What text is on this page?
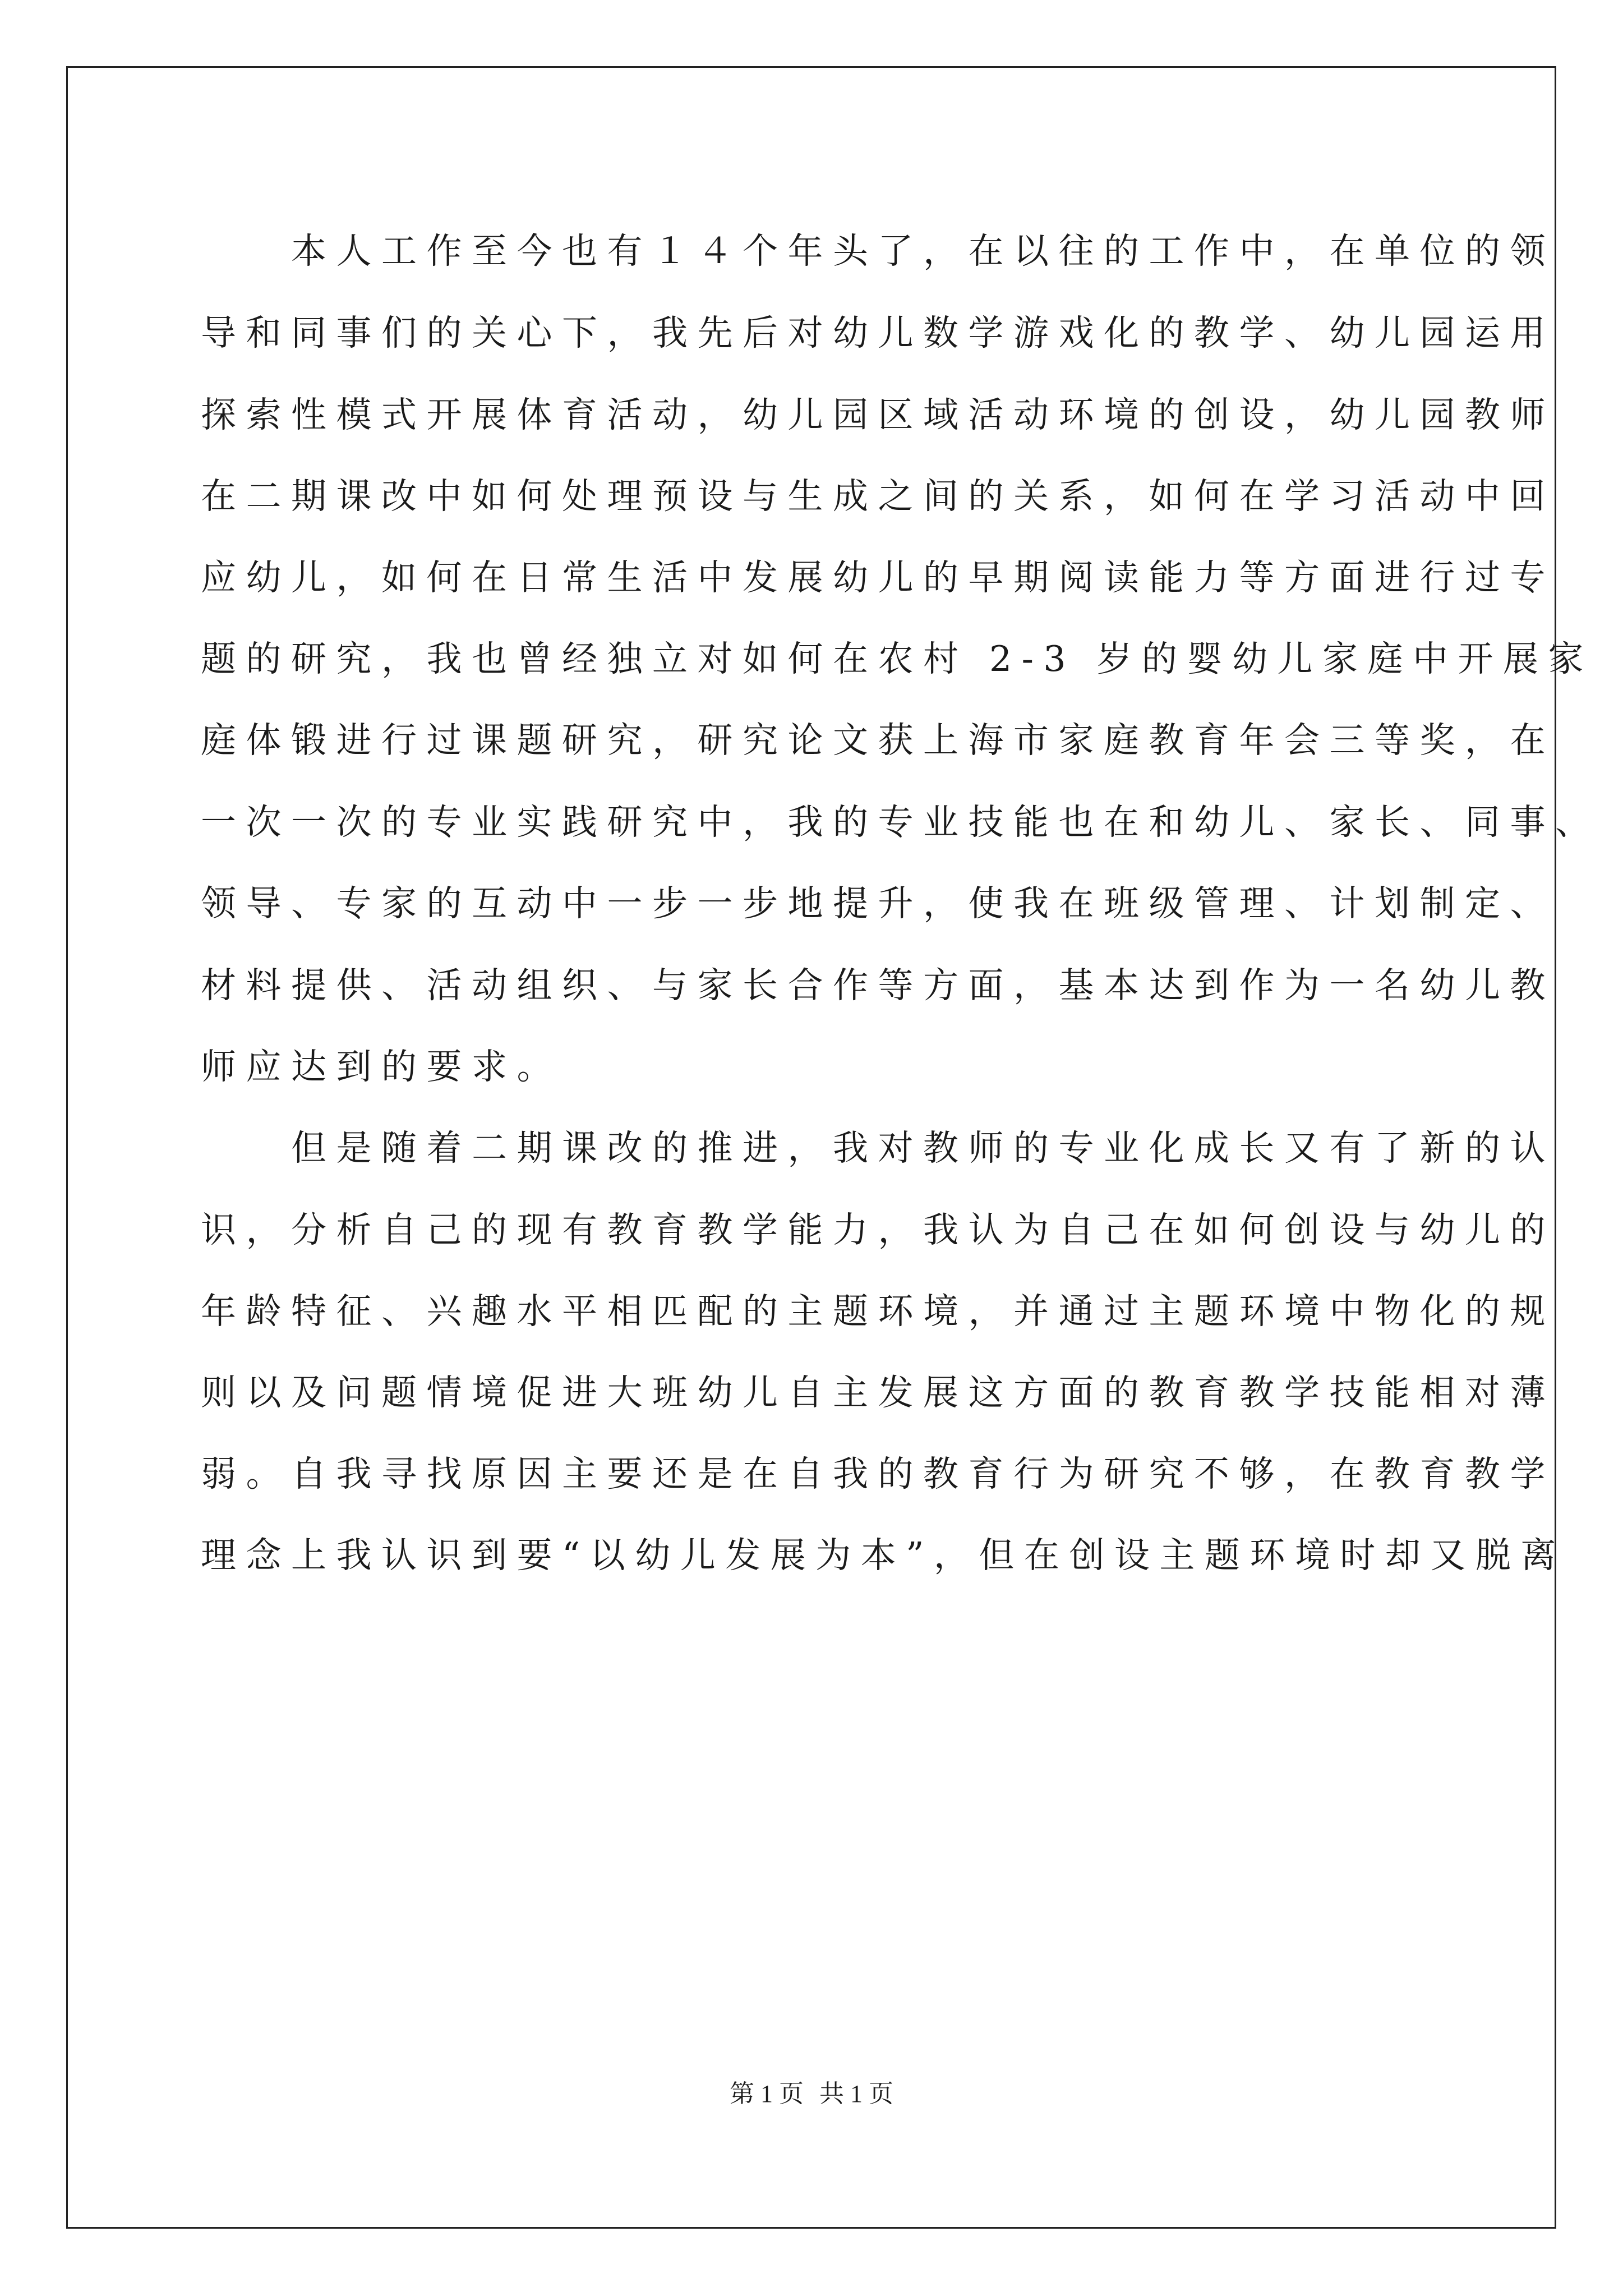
　　本人工作至今也有１４个年头了，在以往的工作中，在单位的领
导和同事们的关心下，我先后对幼儿数学游戏化的教学、幼儿园运用
探索性模式开展体育活动，幼儿园区域活动环境的创设，幼儿园教师
在二期课改中如何处理预设与生成之间的关系，如何在学习活动中回
应幼儿，如何在日常生活中发展幼儿的早期阅读能力等方面进行过专
题的研究，我也曾经独立对如何在农村 2-3 岁的婴幼儿家庭中开展家
庭体锻进行过课题研究，研究论文获上海市家庭教育年会三等奖，在
一次一次的专业实践研究中，我的专业技能也在和幼儿、家长、同事、
领导、专家的互动中一步一步地提升，使我在班级管理、计划制定、
材料提供、活动组织、与家长合作等方面，基本达到作为一名幼儿教
师应达到的要求。
　　但是随着二期课改的推进，我对教师的专业化成长又有了新的认
识，分析自己的现有教育教学能力，我认为自己在如何创设与幼儿的
年龄特征、兴趣水平相匹配的主题环境，并通过主题环境中物化的规
则以及问题情境促进大班幼儿自主发展这方面的教育教学技能相对薄
弱。自我寻找原因主要还是在自我的教育行为研究不够，在教育教学
理念上我认识到要“以幼儿发展为本”，但在创设主题环境时却又脱离
第 1 页 共 1 页
